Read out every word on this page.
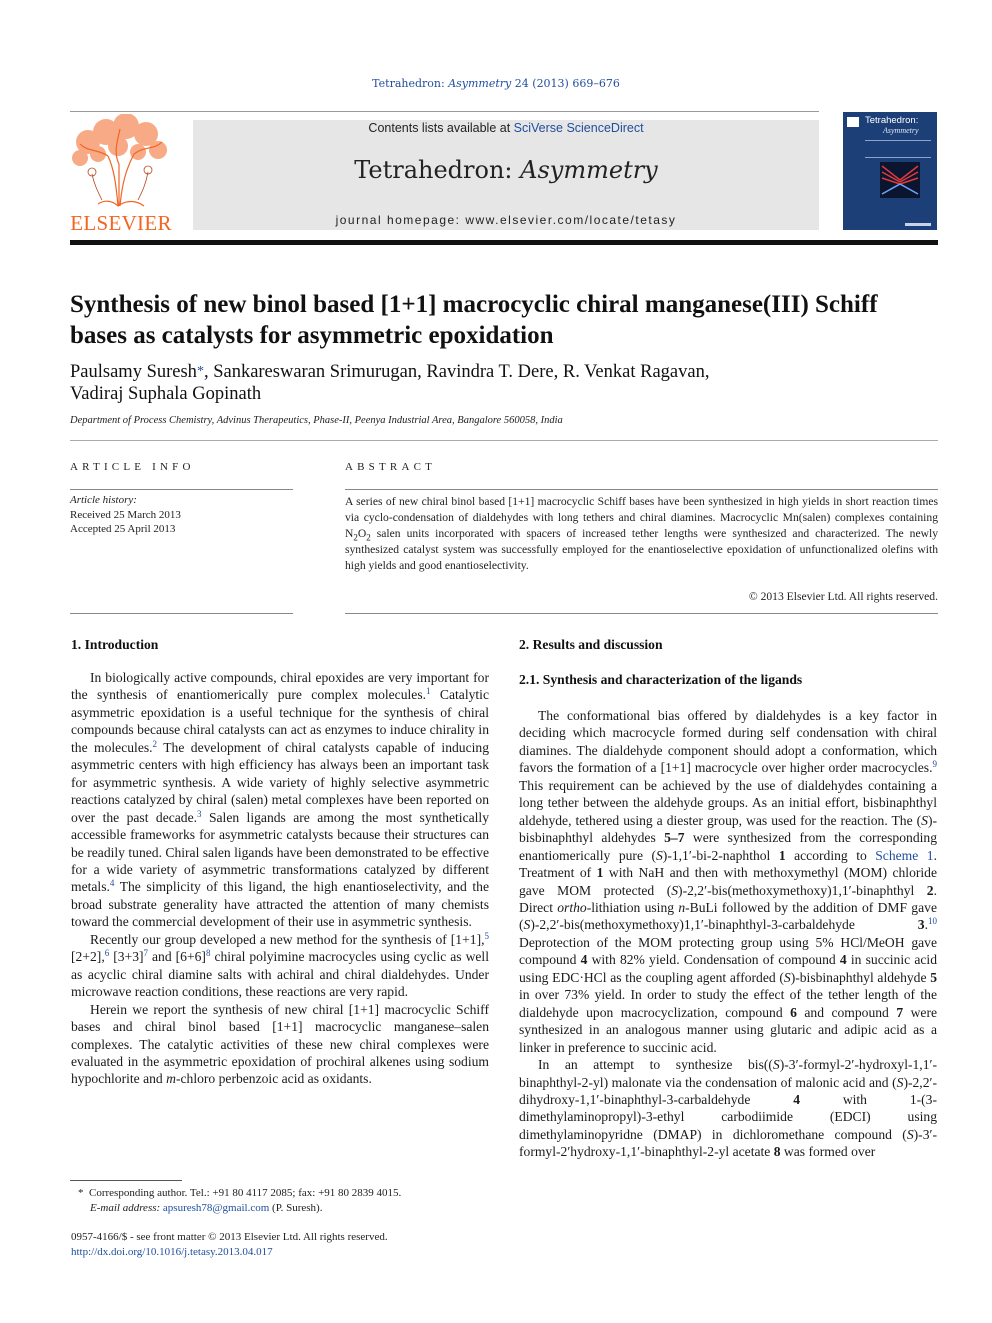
Tetrahedron: Asymmetry 24 (2013) 669–676
ELSEVIER
Contents lists available at SciVerse ScienceDirect
Tetrahedron: Asymmetry
journal homepage: www.elsevier.com/locate/tetasy
Tetrahedron:
Asymmetry
Synthesis of new binol based [1+1] macrocyclic chiral manganese(III) Schiff bases as catalysts for asymmetric epoxidation
Paulsamy Suresh*, Sankareswaran Srimurugan, Ravindra T. Dere, R. Venkat Ragavan,
Vadiraj Suphala Gopinath
Department of Process Chemistry, Advinus Therapeutics, Phase-II, Peenya Industrial Area, Bangalore 560058, India
ARTICLE INFO	ABSTRACT
Article history:
Received 25 March 2013
Accepted 25 April 2013
A series of new chiral binol based [1+1] macrocyclic Schiff bases have been synthesized in high yields in short reaction times via cyclo-condensation of dialdehydes with long tethers and chiral diamines. Macrocyclic Mn(salen) complexes containing $N_2O_2$ salen units incorporated with spacers of increased tether lengths were synthesized and characterized. The newly synthesized catalyst system was successfully employed for the enantioselective epoxidation of unfunctionalized olefins with high yields and good enantioselectivity.
© 2013 Elsevier Ltd. All rights reserved.
1. Introduction	2. Results and discussion
2.1. Synthesis and characterization of the ligands

In biologically active compounds, chiral epoxides are very important for the synthesis of enantiomerically pure complex molecules.$^1$ Catalytic asymmetric epoxidation is a useful technique for the synthesis of chiral compounds because chiral catalysts can act as enzymes to induce chirality in the molecules.$^2$ The development of chiral catalysts capable of inducing asymmetric centers with high efficiency has always been an important task for asymmetric synthesis. A wide variety of highly selective asymmetric reactions catalyzed by chiral (salen) metal complexes have been reported on over the past decade.$^3$ Salen ligands are among the most synthetically accessible frameworks for asymmetric catalysts because their structures can be readily tuned. Chiral salen ligands have been demonstrated to be effective for a wide variety of asymmetric transformations catalyzed by different metals.$^4$ The simplicity of this ligand, the high enantioselectivity, and the broad substrate generality have attracted the attention of many chemists toward the commercial development of their use in asymmetric synthesis.

Recently our group developed a new method for the synthesis of [1+1],$^5$ [2+2],$^6$ [3+3]$^7$ and [6+6]$^8$ chiral polyimine macrocycles using cyclic as well as acyclic chiral diamine salts with achiral and chiral dialdehydes. Under microwave reaction conditions, these reactions are very rapid.

Herein we report the synthesis of new chiral [1+1] macrocyclic Schiff bases and chiral binol based [1+1] macrocyclic manganese–salen complexes. The catalytic activities of these new chiral complexes were evaluated in the asymmetric epoxidation of prochiral alkenes using sodium hypochlorite and m-chloro perbenzoic acid as oxidants.

The conformational bias offered by dialdehydes is a key factor in deciding which macrocycle formed during self condensation with chiral diamines. The dialdehyde component should adopt a conformation, which favors the formation of a [1+1] macrocycle over higher order macrocycles.$^9$ This requirement can be achieved by the use of dialdehydes containing a long tether between the aldehyde groups. As an initial effort, bisbinaphthyl aldehyde, tethered using a diester group, was used for the reaction. The (S)-bisbinaphthyl aldehydes 5–7 were synthesized from the corresponding enantiomerically pure (S)-1,1′-bi-2-naphthol 1 according to Scheme 1. Treatment of 1 with NaH and then with methoxymethyl (MOM) chloride gave MOM protected (S)-2,2′-bis(methoxymethoxy)1,1′-binaphthyl 2. Direct ortho-lithiation using n-BuLi followed by the addition of DMF gave (S)-2,2′-bis(methoxymethoxy)1,1′-binaphthyl-3-carbaldehyde 3.10 Deprotection of the MOM protecting group using 5% HCl/MeOH gave compound 4 with 82% yield. Condensation of compound 4 in succinic acid using EDC·HCl as the coupling agent afforded (S)-bisbinaphthyl aldehyde 5 in over 73% yield. In order to study the effect of the tether length of the dialdehyde upon macrocyclization, compound 6 and compound 7 were synthesized in an analogous manner using glutaric and adipic acid as a linker in preference to succinic acid.

In an attempt to synthesize bis((S)-3′-formyl-2′-hydroxyl-1,1′-binaphthyl-2-yl) malonate via the condensation of malonic acid and (S)-2,2′-dihydroxy-1,1′-binaphthyl-3-carbaldehyde 4 with 1-(3-dimethylaminopropyl)-3-ethyl carbodiimide (EDCI) using dimethylaminopyridne (DMAP) in dichloromethane compound (S)-3′-formyl-2′hydroxy-1,1′-binaphthyl-2-yl acetate 8 was formed over

* Corresponding author. Tel.: +91 80 4117 2085; fax: +91 80 2839 4015.
E-mail address: apsuresh78@gmail.com (P. Suresh).
0957-4166/$ - see front matter © 2013 Elsevier Ltd. All rights reserved.
http://dx.doi.org/10.1016/j.tetasy.2013.04.017
